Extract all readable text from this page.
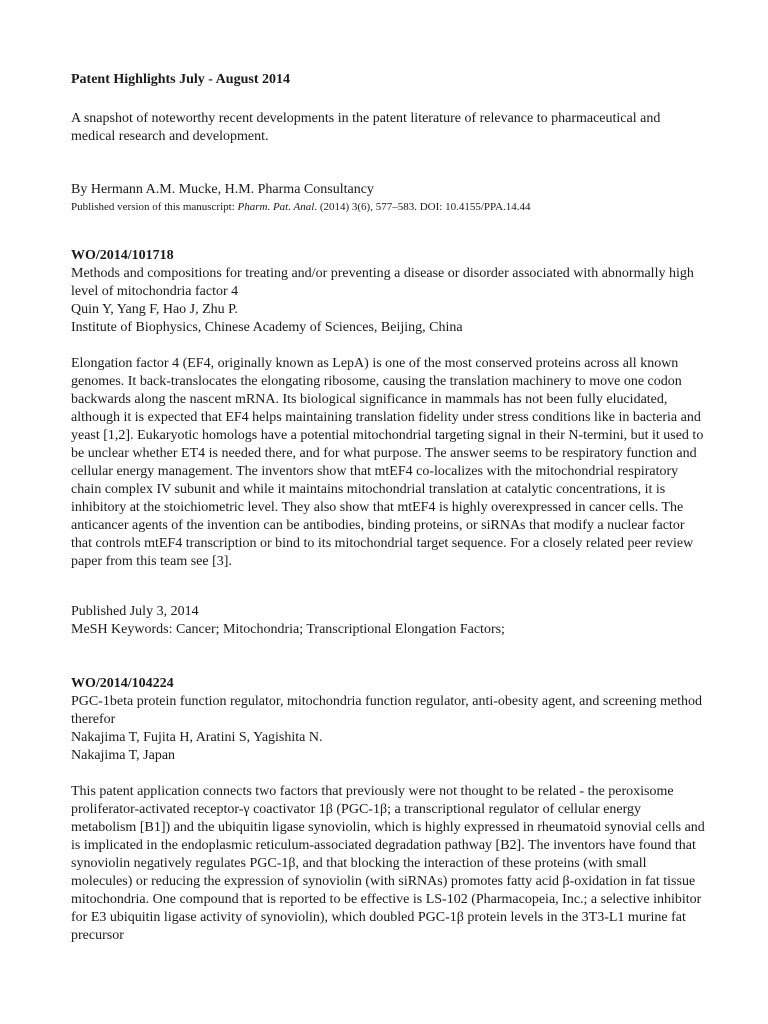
Patent Highlights July - August 2014

A snapshot of noteworthy recent developments in the patent literature of relevance to pharmaceutical and medical research and development.

By Hermann A.M. Mucke, H.M. Pharma Consultancy

Published version of this manuscript: Pharm. Pat. Anal. (2014) 3(6), 577–583. DOI: 10.4155/PPA.14.44

WO/2014/101718

Methods and compositions for treating and/or preventing a disease or disorder associated with abnormally high level of mitochondria factor 4

Quin Y, Yang F, Hao J, Zhu P.

Institute of Biophysics, Chinese Academy of Sciences, Beijing, China

Elongation factor 4 (EF4, originally known as LepA) is one of the most conserved proteins across all known genomes. It back-translocates the elongating ribosome, causing the translation machinery to move one codon backwards along the nascent mRNA. Its biological significance in mammals has not been fully elucidated, although it is expected that EF4 helps maintaining translation fidelity under stress conditions like in bacteria and yeast [1,2]. Eukaryotic homologs have a potential mitochondrial targeting signal in their N-termini, but it used to be unclear whether ET4 is needed there, and for what purpose. The answer seems to be respiratory function and cellular energy management. The inventors show that mtEF4 co-localizes with the mitochondrial respiratory chain complex IV subunit and while it maintains mitochondrial translation at catalytic concentrations, it is inhibitory at the stoichiometric level. They also show that mtEF4 is highly overexpressed in cancer cells. The anticancer agents of the invention can be antibodies, binding proteins, or siRNAs that modify a nuclear factor that controls mtEF4 transcription or bind to its mitochondrial target sequence. For a closely related peer review paper from this team see [3].

Published July 3, 2014

MeSH Keywords: Cancer; Mitochondria; Transcriptional Elongation Factors;

WO/2014/104224

PGC-1beta protein function regulator, mitochondria function regulator, anti-obesity agent, and screening method therefor

Nakajima T, Fujita H, Aratini S, Yagishita N.

Nakajima T, Japan

This patent application connects two factors that previously were not thought to be related - the peroxisome proliferator-activated receptor-γ coactivator 1β (PGC-1β; a transcriptional regulator of cellular energy metabolism [B1]) and the ubiquitin ligase synoviolin, which is highly expressed in rheumatoid synovial cells and is implicated in the endoplasmic reticulum-associated degradation pathway [B2]. The inventors have found that synoviolin negatively regulates PGC-1β, and that blocking the interaction of these proteins (with small molecules) or reducing the expression of synoviolin (with siRNAs) promotes fatty acid β-oxidation in fat tissue mitochondria. One compound that is reported to be effective is LS-102 (Pharmacopeia, Inc.; a selective inhibitor for E3 ubiquitin ligase activity of synoviolin), which doubled PGC-1β protein levels in the 3T3-L1 murine fat precursor
